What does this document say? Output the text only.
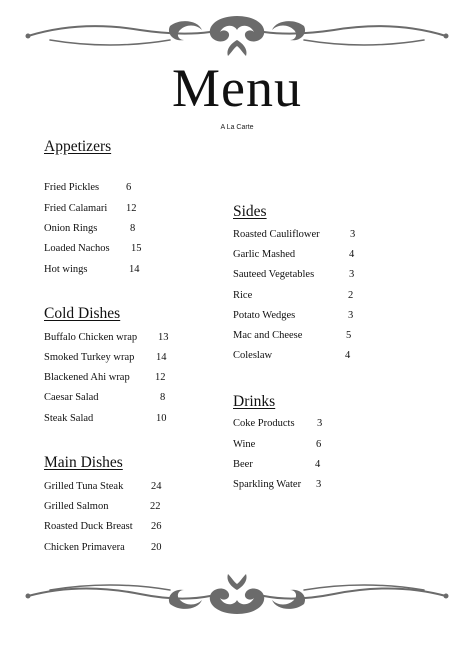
Menu
A La Carte
Appetizers
Fried Pickles	6
Fried Calamari 12
Onion Rings	8
Loaded Nachos 15
Hot wings	14
Cold Dishes
Buffalo Chicken wrap 13
Smoked Turkey wrap 14
Blackened Ahi wrap 12
Caesar Salad	8
Steak Salad	10
Main Dishes
Grilled Tuna Steak	24
Grilled Salmon	22
Roasted Duck Breast 26
Chicken Primavera 20
Sides
Roasted Cauliflower	3
Garlic Mashed	4
Sauteed Vegetables	3
Rice	2
Potato Wedges	3
Mac and Cheese	5
Coleslaw	4
Drinks
Coke Products 3
Wine	6
Beer	4
Sparkling Water 3
